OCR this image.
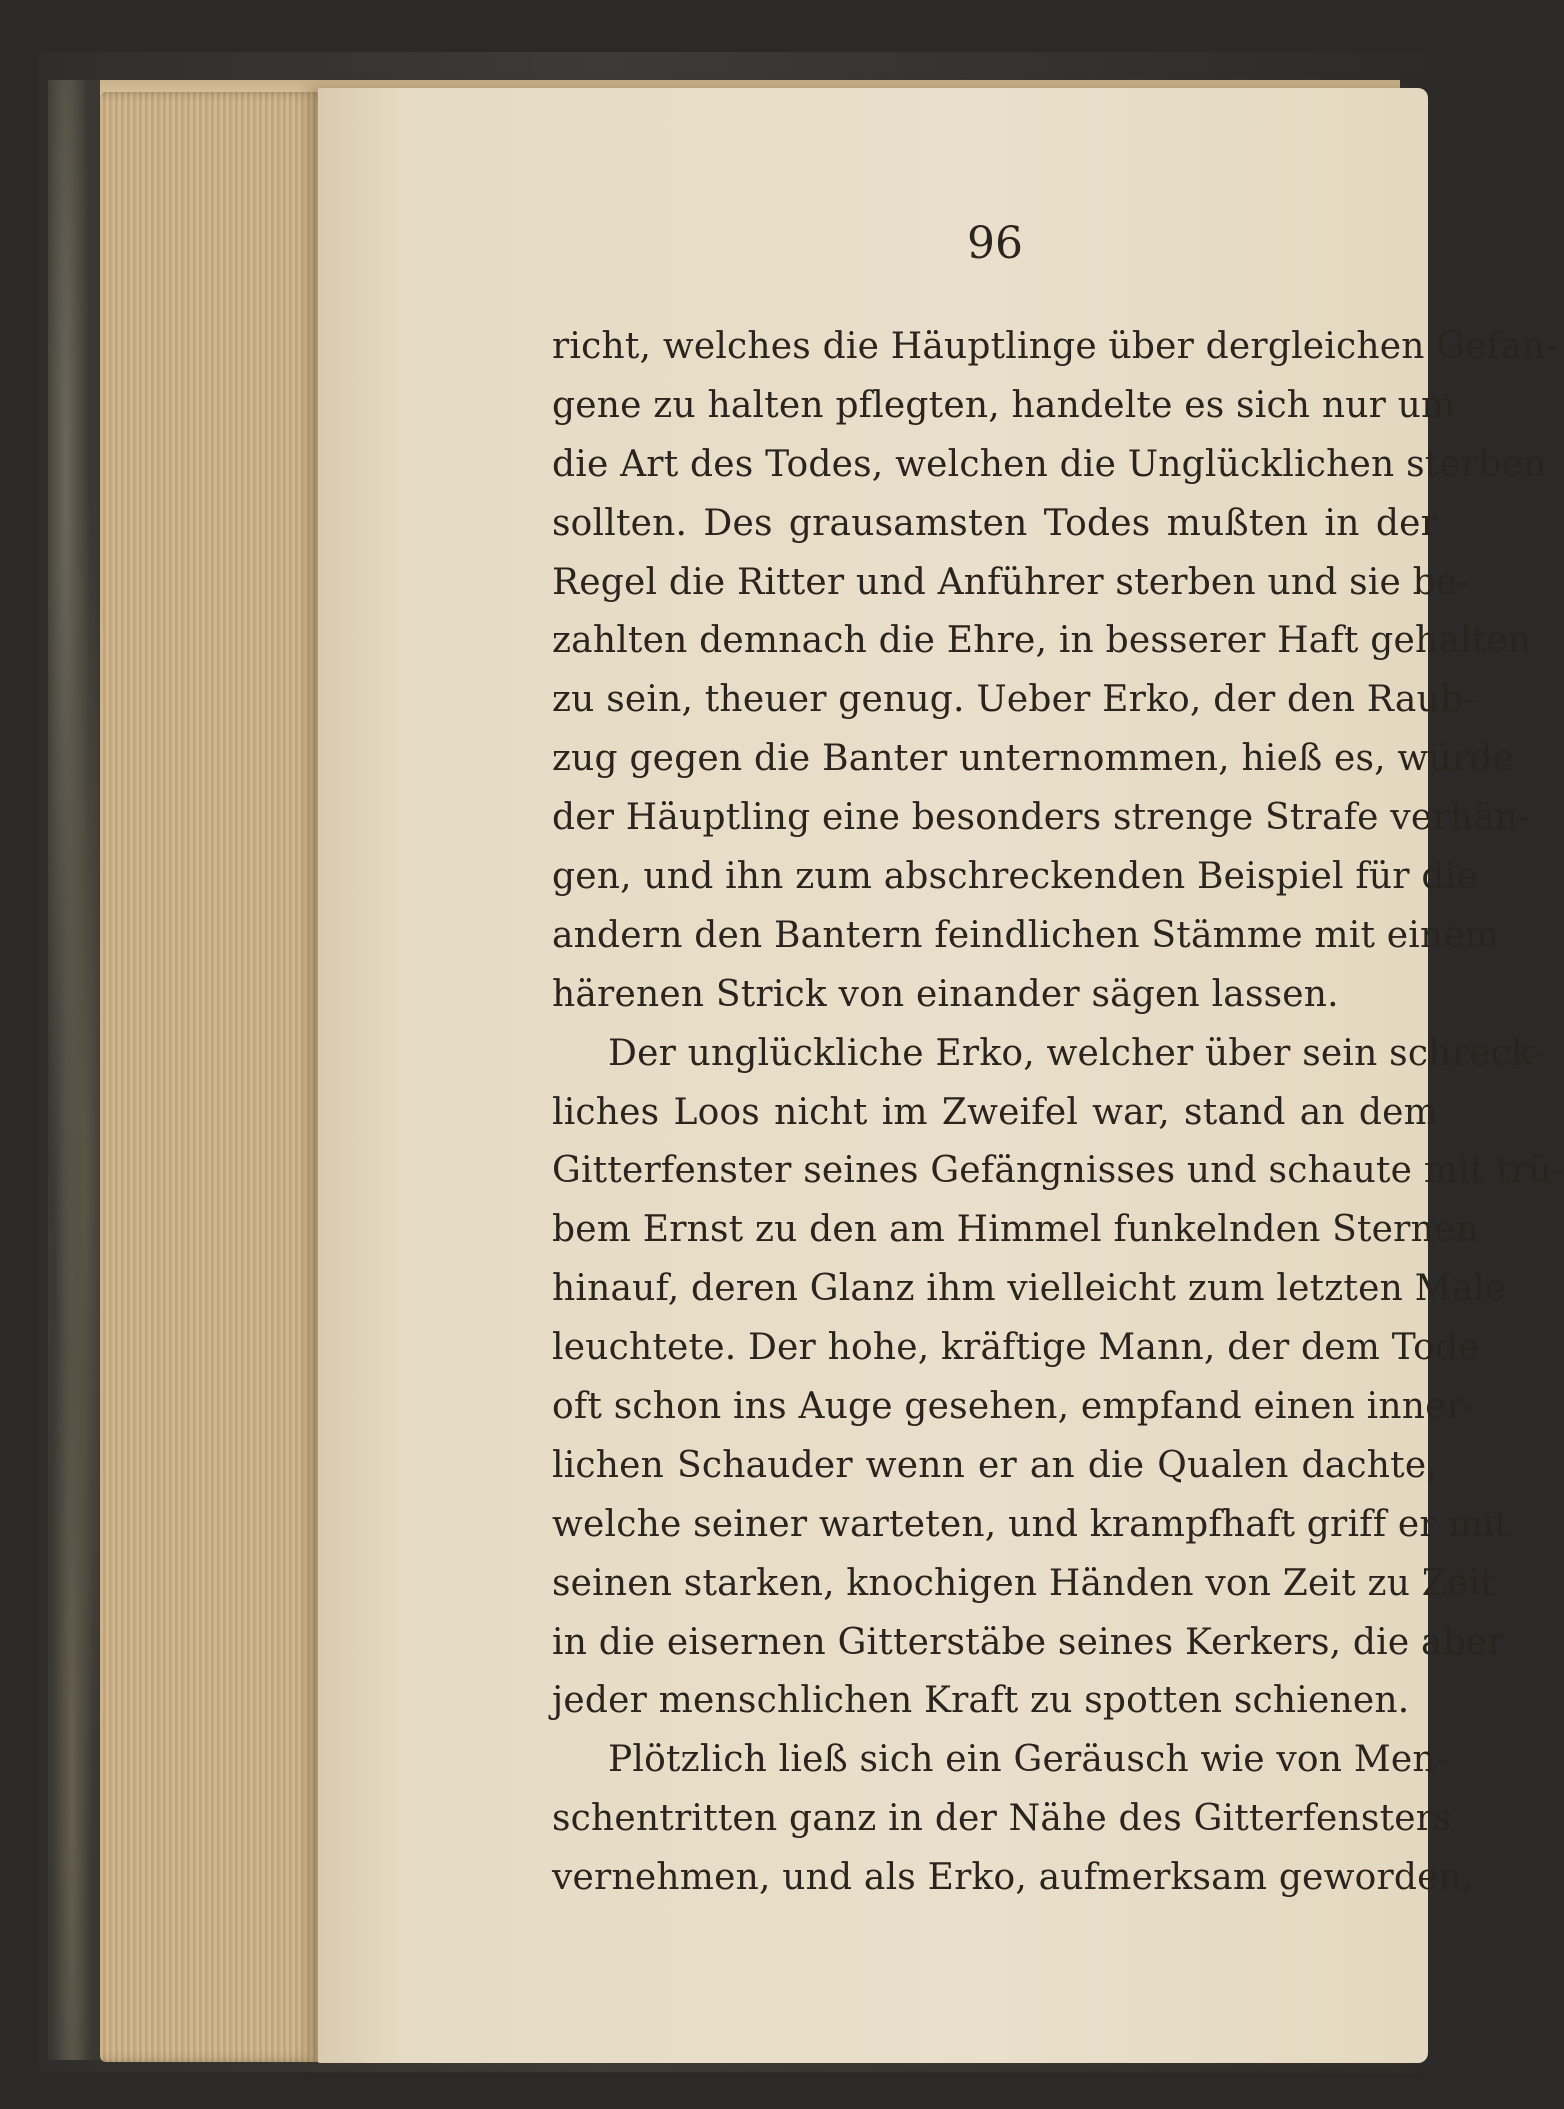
96

richt, welches die Häuptlinge über dergleichen Gefan-

gene zu halten pflegten, handelte es sich nur um

die Art des Todes, welchen die Unglücklichen sterben

sollten. Des grausamsten Todes mußten in der

Regel die Ritter und Anführer sterben und sie be-

zahlten demnach die Ehre, in besserer Haft gehalten

zu sein, theuer genug. Ueber Erko, der den Raub-

zug gegen die Banter unternommen, hieß es, würde

der Häuptling eine besonders strenge Strafe verhän-

gen, und ihn zum abschreckenden Beispiel für die

andern den Bantern feindlichen Stämme mit einem

härenen Strick von einander sägen lassen.

Der unglückliche Erko, welcher über sein schreck-

liches Loos nicht im Zweifel war, stand an dem

Gitterfenster seines Gefängnisses und schaute mit trü-

bem Ernst zu den am Himmel funkelnden Sternen

hinauf, deren Glanz ihm vielleicht zum letzten Male

leuchtete. Der hohe, kräftige Mann, der dem Tode

oft schon ins Auge gesehen, empfand einen inner-

lichen Schauder wenn er an die Qualen dachte,

welche seiner warteten, und krampfhaft griff er mit

seinen starken, knochigen Händen von Zeit zu Zeit

in die eisernen Gitterstäbe seines Kerkers, die aber

jeder menschlichen Kraft zu spotten schienen.

Plötzlich ließ sich ein Geräusch wie von Men-

schentritten ganz in der Nähe des Gitterfensters

vernehmen, und als Erko, aufmerksam geworden,
